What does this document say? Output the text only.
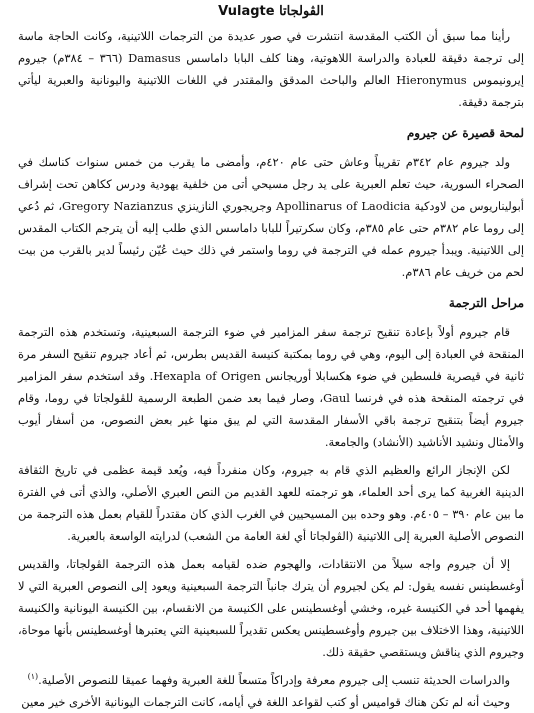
الڤولجاتا Vulagte

رأينا مما سبق أن الكتب المقدسة انتشرت في صور عديدة من الترجمات اللاتينية، وكانت الحاجة ماسة إلى ترجمة دقيقة للعبادة والدراسة اللاهوتية، وهنا كلف البابا داماسس Damasus (٣٦٦ – ٣٨٤م) جيروم إيرونيموس Hieronymus العالم والباحث المدقق والمقتدر في اللغات اللاتينية واليونانية والعبرية ليأتي بترجمة دقيقة.

لمحة قصيرة عن جيروم

ولد جيروم عام ٣٤٢م تقريباً وعاش حتى عام ٤٢٠م، وأمضى ما يقرب من خمس سنوات كناسك في الصحراء السورية، حيث تعلم العبرية على يد رجل مسيحي أتى من خلفية يهودية ودرس ككاهن تحت إشراف أبوليناريوس من لاودكية Apollinarus of Laodicia وجريجوري النازينزي Gregory Nazianzus، ثم دُعي إلى روما عام ٣٨٢م حتى عام ٣٨٥م، وكان سكرتيراً للبابا داماسس الذي طلب إليه أن يترجم الكتاب المقدس إلى اللاتينية. ويبدأ جيروم عمله في الترجمة في روما واستمر في ذلك حيث عُيّن رئيساً لدير بالقرب من بيت لحم من خريف عام ٣٨٦م.

مراحل الترجمة

قام جيروم أولاً بإعادة تنقيح ترجمة سفر المزامير في ضوء الترجمة السبعينية، وتستخدم هذه الترجمة المنقحة في العبادة إلى اليوم، وهي في روما بمكتبة كنيسة القديس بطرس، ثم أعاد جيروم تنقيح السفر مرة ثانية في قيصرية فلسطين في ضوء هكسابلا أوريجانس Hexapla of Origen. وقد استخدم سفر المزامير في ترجمته المنقحة هذه في فرنسا Gaul، وصار فيما بعد ضمن الطبعة الرسمية للڤولجاتا في روما، وقام جيروم أيضاً بتنقيح ترجمة باقي الأسفار المقدسة التي لم يبق منها غير بعض النصوص، من أسفار أيوب والأمثال ونشيد الأناشيد (الأنشاد) والجامعة.

لكن الإنجاز الرائع والعظيم الذي قام به جيروم، وكان منفرداً فيه، ويُعد قيمة عظمى في تاريخ الثقافة الدينية الغربية كما يرى أحد العلماء، هو ترجمته للعهد القديم من النص العبري الأصلي، والذي أتى في الفترة ما بين عام ٣٩٠ – ٤٠٥م. وهو وحده بين المسيحيين في الغرب الذي كان مقتدراً للقيام بعمل هذه الترجمة من النصوص الأصلية العبرية إلى اللاتينية (الڤولجاتا أي لغة العامة من الشعب) لدرايته الواسعة بالعبرية.

إلا أن جيروم واجه سيلاً من الانتقادات، والهجوم ضده لقيامه بعمل هذه الترجمة الڤولجاتا، والقديس أوغسطينس نفسه يقول: لم يكن لجيروم أن يترك جانباً الترجمة السبعينية ويعود إلى النصوص العبرية التي لا يفهمها أحد في الكنيسة غيره، وخشي أوغسطينس على الكنيسة من الانقسام، بين الكنيسة اليونانية والكنيسة اللاتينية، وهذا الاختلاف بين جيروم وأوغسطينس يعكس تقديراً للسبعينية التي يعتبرها أوغسطينس بأنها موحاة، وجيروم الذي يناقش ويستقصي حقيقة ذلك.

والدراسات الحديثة تنسب إلى جيروم معرفة وإدراكاً متسعاً للغة العبرية وفهما عميقا للنصوص الأصلية.$^{(١)}$

وحيث أنه لم تكن هناك قواميس أو كتب لقواعد اللغة في أيامه، كانت الترجمات اليونانية الأخرى خير معين
